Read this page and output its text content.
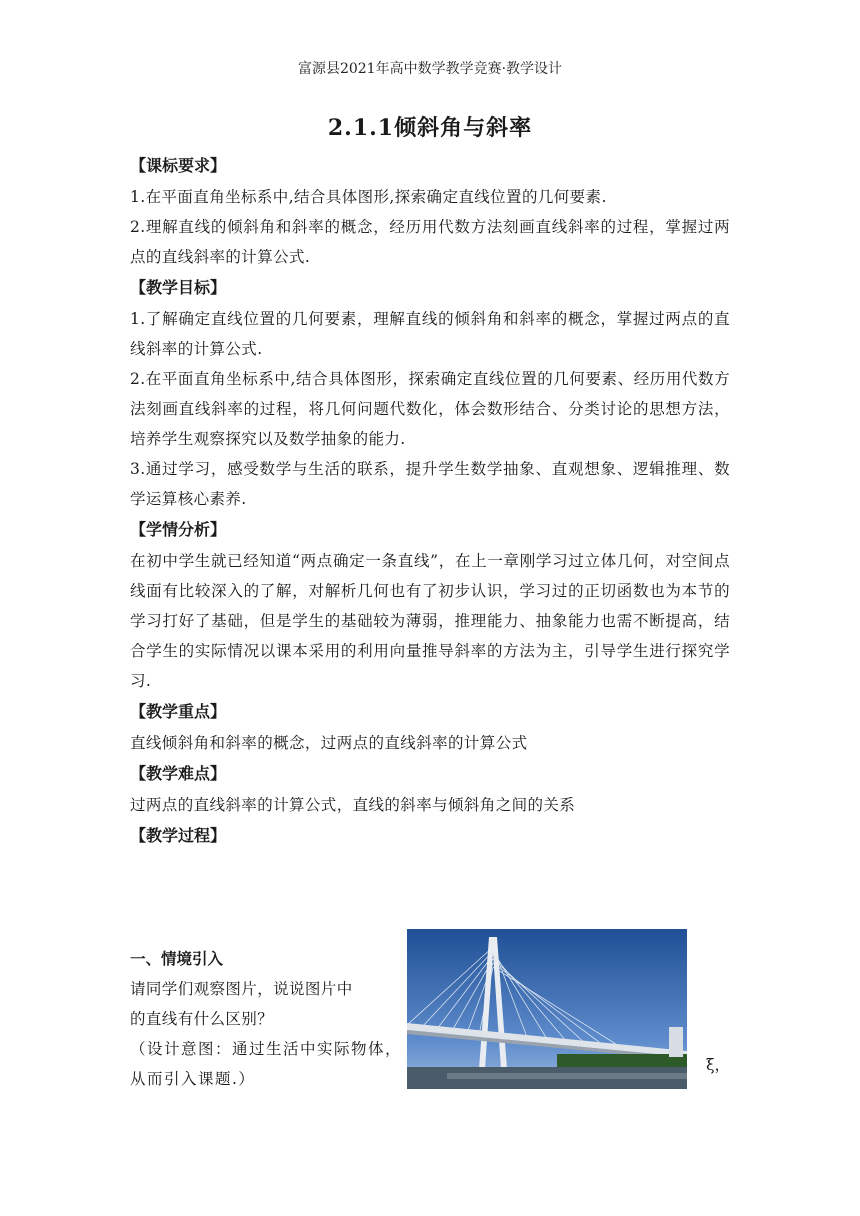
富源县2021年高中数学教学竞赛·教学设计
2.1.1倾斜角与斜率

【课标要求】

1.在平面直角坐标系中,结合具体图形,探索确定直线位置的几何要素.

2.理解直线的倾斜角和斜率的概念，经历用代数方法刻画直线斜率的过程，掌握过两点的直线斜率的计算公式.

【教学目标】

1.了解确定直线位置的几何要素，理解直线的倾斜角和斜率的概念，掌握过两点的直线斜率的计算公式.

2.在平面直角坐标系中,结合具体图形，探索确定直线位置的几何要素、经历用代数方法刻画直线斜率的过程，将几何问题代数化，体会数形结合、分类讨论的思想方法，培养学生观察探究以及数学抽象的能力.

3.通过学习，感受数学与生活的联系，提升学生数学抽象、直观想象、逻辑推理、数学运算核心素养.

【学情分析】

在初中学生就已经知道“两点确定一条直线”，在上一章刚学习过立体几何，对空间点线面有比较深入的了解，对解析几何也有了初步认识，学习过的正切函数也为本节的学习打好了基础，但是学生的基础较为薄弱，推理能力、抽象能力也需不断提高，结合学生的实际情况以课本采用的利用向量推导斜率的方法为主，引导学生进行探究学习.

【教学重点】

直线倾斜角和斜率的概念，过两点的直线斜率的计算公式

【教学难点】

过两点的直线斜率的计算公式，直线的斜率与倾斜角之间的关系

【教学过程】

一、情境引入
请同学们观察图片，说说图片中
的直线有什么区别？
（设计意图：通过生活中实际物体，
从而引入课题.）
ξ，
